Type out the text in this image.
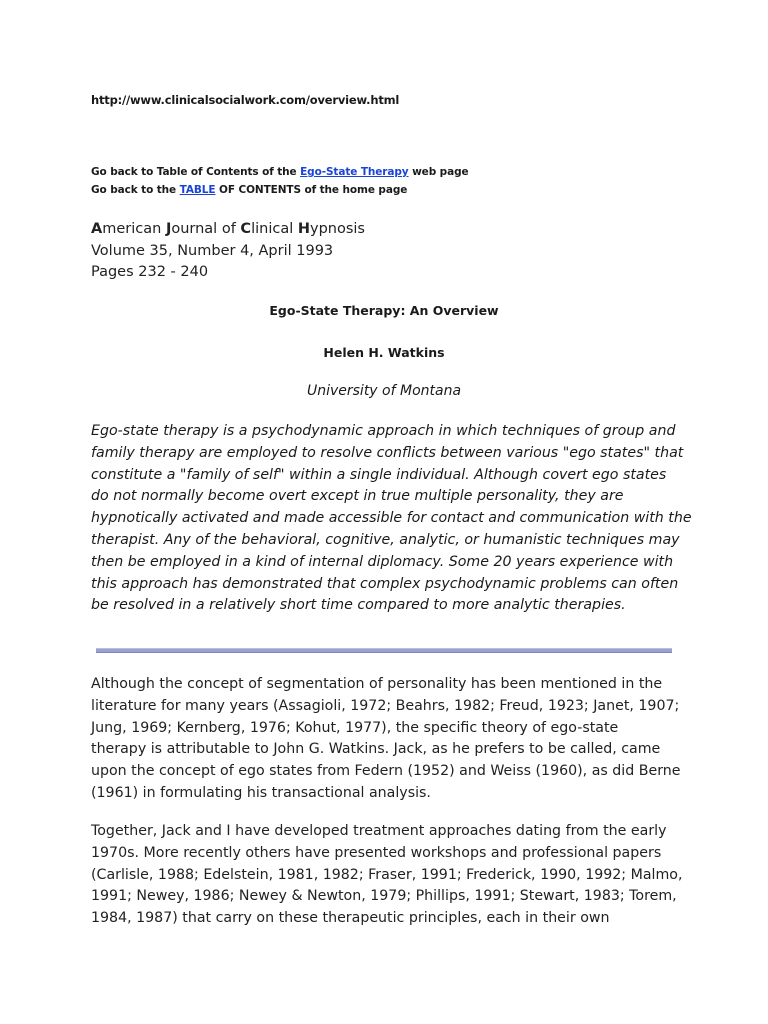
http://www.clinicalsocialwork.com/overview.html
Go back to Table of Contents of the Ego-State Therapy web page
Go back to the TABLE OF CONTENTS of the home page
American Journal of Clinical Hypnosis
Volume 35, Number 4, April 1993
Pages 232 - 240
Ego-State Therapy: An Overview
Helen H. Watkins
University of Montana
Ego-state therapy is a psychodynamic approach in which techniques of group and
family therapy are employed to resolve conflicts between various "ego states" that
constitute a "family of self" within a single individual. Although covert ego states
do not normally become overt except in true multiple personality, they are
hypnotically activated and made accessible for contact and communication with the
therapist. Any of the behavioral, cognitive, analytic, or humanistic techniques may
then be employed in a kind of internal diplomacy. Some 20 years experience with
this approach has demonstrated that complex psychodynamic problems can often
be resolved in a relatively short time compared to more analytic therapies.
Although the concept of segmentation of personality has been mentioned in the
literature for many years (Assagioli, 1972; Beahrs, 1982; Freud, 1923; Janet, 1907;
Jung, 1969; Kernberg, 1976; Kohut, 1977), the specific theory of ego-state
therapy is attributable to John G. Watkins. Jack, as he prefers to be called, came
upon the concept of ego states from Federn (1952) and Weiss (1960), as did Berne
(1961) in formulating his transactional analysis.
Together, Jack and I have developed treatment approaches dating from the early
1970s. More recently others have presented workshops and professional papers
(Carlisle, 1988; Edelstein, 1981, 1982; Fraser, 1991; Frederick, 1990, 1992; Malmo,
1991; Newey, 1986; Newey & Newton, 1979; Phillips, 1991; Stewart, 1983; Torem,
1984, 1987) that carry on these therapeutic principles, each in their own
